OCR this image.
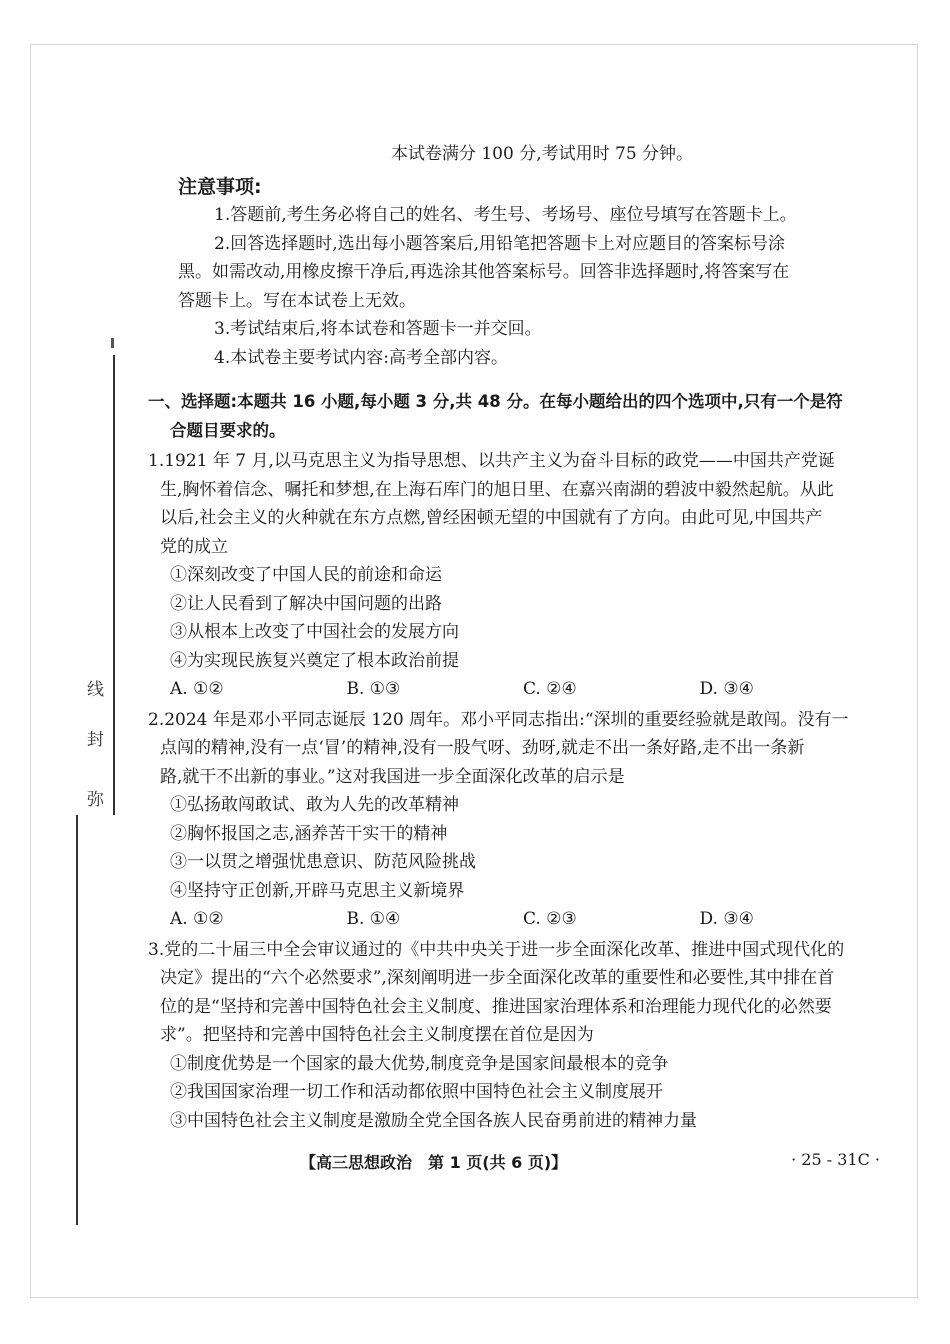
线
封
弥
本试卷满分 100 分,考试用时 75 分钟。
注意事项:
1.答题前,考生务必将自己的姓名、考生号、考场号、座位号填写在答题卡上。
2.回答选择题时,选出每小题答案后,用铅笔把答题卡上对应题目的答案标号涂
黑。如需改动,用橡皮擦干净后,再选涂其他答案标号。回答非选择题时,将答案写在
答题卡上。写在本试卷上无效。
3.考试结束后,将本试卷和答题卡一并交回。
4.本试卷主要考试内容:高考全部内容。
一、选择题:本题共 16 小题,每小题 3 分,共 48 分。在每小题给出的四个选项中,只有一个是符
合题目要求的。
1.1921 年 7 月,以马克思主义为指导思想、以共产主义为奋斗目标的政党——中国共产党诞
生,胸怀着信念、嘱托和梦想,在上海石库门的旭日里、在嘉兴南湖的碧波中毅然起航。从此
以后,社会主义的火种就在东方点燃,曾经困顿无望的中国就有了方向。由此可见,中国共产
党的成立
①深刻改变了中国人民的前途和命运
②让人民看到了解决中国问题的出路
③从根本上改变了中国社会的发展方向
④为实现民族复兴奠定了根本政治前提
A. ①②	B. ①③	C. ②④	D. ③④
2.2024 年是邓小平同志诞辰 120 周年。邓小平同志指出:“深圳的重要经验就是敢闯。没有一
点闯的精神,没有一点‘冒’的精神,没有一股气呀、劲呀,就走不出一条好路,走不出一条新
路,就干不出新的事业。”这对我国进一步全面深化改革的启示是
①弘扬敢闯敢试、敢为人先的改革精神
②胸怀报国之志,涵养苦干实干的精神
③一以贯之增强忧患意识、防范风险挑战
④坚持守正创新,开辟马克思主义新境界
A. ①②	B. ①④	C. ②③	D. ③④
3.党的二十届三中全会审议通过的《中共中央关于进一步全面深化改革、推进中国式现代化的
决定》提出的“六个必然要求”,深刻阐明进一步全面深化改革的重要性和必要性,其中排在首
位的是“坚持和完善中国特色社会主义制度、推进国家治理体系和治理能力现代化的必然要
求”。把坚持和完善中国特色社会主义制度摆在首位是因为
①制度优势是一个国家的最大优势,制度竞争是国家间最根本的竞争
②我国国家治理一切工作和活动都依照中国特色社会主义制度展开
③中国特色社会主义制度是激励全党全国各族人民奋勇前进的精神力量
【高三思想政治　第 1 页(共 6 页)】	· 25 - 31C ·
